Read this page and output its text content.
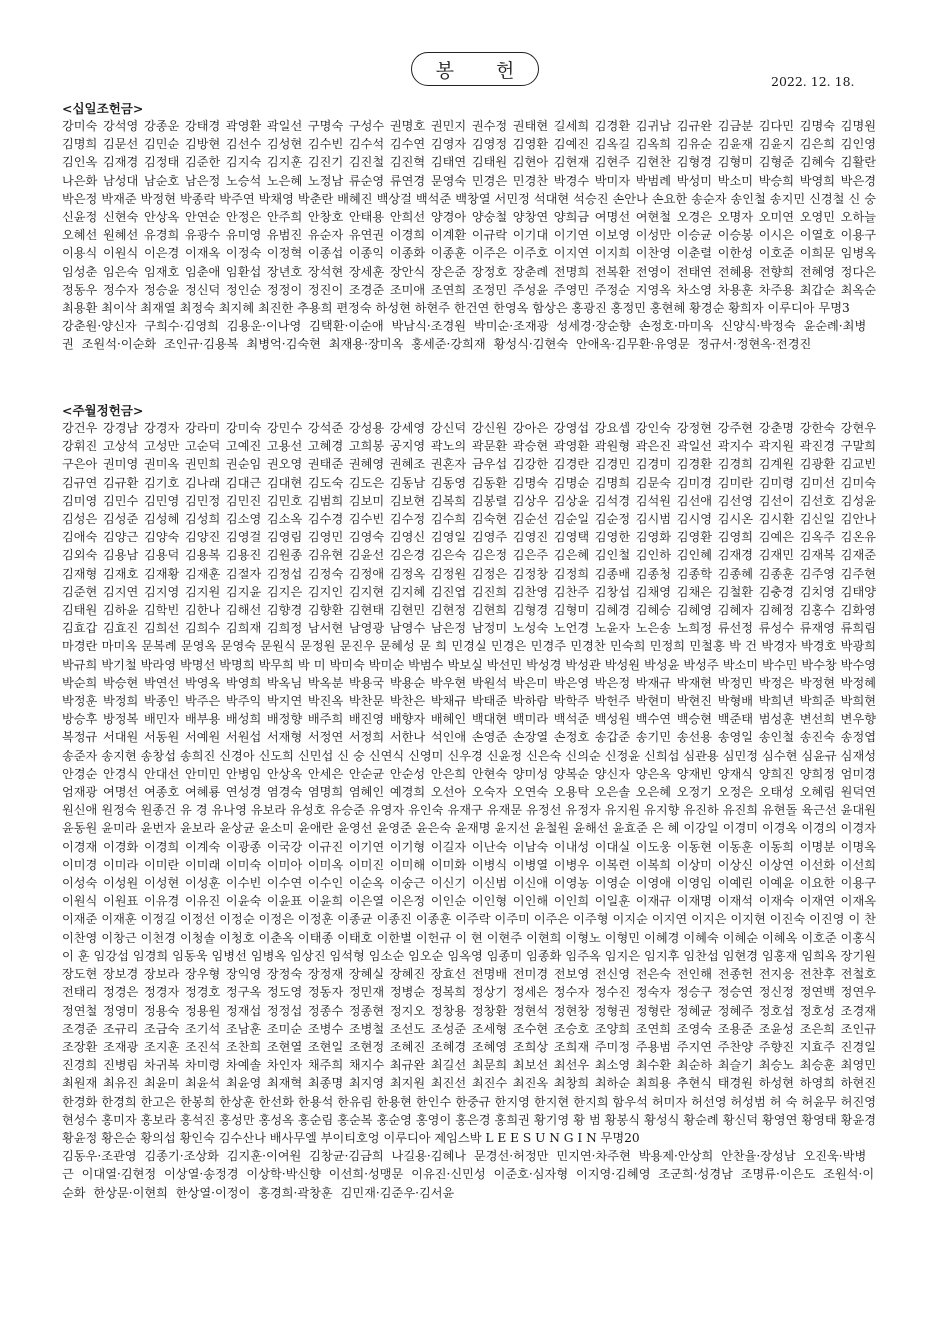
봉 헌	2022. 12. 18.
<십일조헌금>
강미숙 강석영 강종운 강태경 곽영환 곽일선 구명숙 구성수 권명호 권민지 권수정 권태현 길세희 김경환 김귀남 김규완 김금분 김다민 김명숙 김명원 김명희 김문선 김민순 김방현 김선수 김성현 김수빈 김수석 김수연 김영자 김영정 김영환 김예진 김옥길 김옥희 김유순 김윤재 김윤지 김은희 김인영 김인옥 김재경 김정태 김준한 김지숙 김지훈 김진기 김진철 김진혁 김태연 김태원 김현아 김현재 김현주 김현찬 김형경 김형미 김형준 김혜숙 김활란 나은화 남성대 남순호 남은정 노승석 노은혜 노정남 류순영 류연경 문영숙 민경은 민경찬 박경수 박미자 박범례 박성미 박소미 박승희 박영희 박은경 박은정 박재준 박정현 박종락 박주연 박채영 박춘란 배혜진 백상걸 백석준 백창열 서민정 석대현 석승진 손안나 손요한 송순자 송인철 송지민 신경철 신 숭 신윤정 신현숙 안상옥 안연순 안정은 안주희 안창호 안태용 안희선 양경아 양숭철 양창연 양희금 여명선 여현철 오경은 오명자 오미연 오영민 오하늘 오혜선 원혜선 유경희 유광수 유미영 유범진 유순자 유연권 이경희 이계환 이규락 이기대 이기연 이보영 이성만 이승균 이승봉 이시은 이열호 이용구 이용식 이원식 이은경 이재옥 이정숙 이정혁 이종섭 이종익 이종화 이종훈 이주은 이주호 이지연 이지희 이찬영 이춘렬 이한성 이호준 이희문 임병옥 임성춘 임은숙 임재호 임춘애 임환섭 장년호 장석현 장세훈 장안식 장은준 장정호 장춘례 전명희 전복환 전영이 전태연 전혜용 전향희 전혜영 정다은 정동우 정수자 정승윤 정신덕 정인순 정정이 정진이 조경준 조미애 조연희 조정민 주성윤 주영민 주정순 지영옥 차소영 차용훈 차주용 최갑순 최옥순 최용환 최이삭 최재열 최정숙 최지혜 최진한 추용희 편정숙 하성현 하현주 한건연 한영옥 함상은 홍광진 홍정민 홍현혜 황경순 황희자 이루디아 무명3
강춘원·양신자 구희수·김영희 김용운·이나영 김택환·이순애 박남식·조경원 박미순·조재광 성세경·장순향 손정호·마미옥 신양식·박정숙 윤순례·최병권 조원석·이순화 조인규·김용복 최병억·김숙현 최재용·장미옥 홍세준·강희재 황성식·김현숙 안애옥·김무환·유영문 정규서·정현옥·전경진
<주월정헌금>
강건우 강경남 강경자 강라미 강미숙 강민수 강석준 강성용 강세영 강신덕 강신원 강아은 강영섭 강요셉 강인숙 강정현 강주현 강춘명 강한숙 강현우 강휘진 고상석 고성만 고순덕 고예진 고용선 고혜경 고희봉 공지영 곽노의 곽문환 곽승현 곽영환 곽원형 곽은진 곽일선 곽지수 곽지원 곽진경 구말희 구은아 권미영 권미옥 권민희 권순임 권오영 권태준 권혜영 권혜조 권혼자 금우섭 김강한 김경란 김경민 김경미 김경환 김경희 김계원 김광환 김교빈 김규연 김규환 김기호 김나래 김대근 김대현 김도숙 김도은 김동남 김동영 김동환 김명숙 김명순 김명희 김문숙 김미경 김미란 김미령 김미선 김미숙 김미영 김민수 김민영 김민정 김민진 김민호 김범희 김보미 김보현 김복희 김봉렬 김상우 김상윤 김석경 김석원 김선애 김선영 김선이 김선호 김성윤 김성은 김성준 김성혜 김성희 김소영 김소옥 김수경 김수빈 김수정 김수희 김숙현 김순선 김순일 김순정 김시범 김시영 김시온 김시환 김신일 김안나 김애숙 김양근 김양숙 김양진 김영걸 김영림 김영민 김영숙 김영신 김영일 김영주 김영진 김영택 김영한 김영화 김영환 김영희 김예은 김옥주 김온유 김외숙 김용남 김용덕 김용복 김용진 김원종 김유현 김윤선 김은경 김은숙 김은정 김은주 김은혜 김인철 김인하 김인혜 김재경 김재민 김재복 김재준 김재형 김재호 김재황 김재훈 김절자 김정섭 김정숙 김정애 김정옥 김정원 김정은 김정창 김정희 김종배 김종청 김종학 김종혜 김종훈 김주영 김주현 김준현 김지연 김지영 김지원 김지윤 김지은 김지인 김지현 김지혜 김진엽 김진희 김찬영 김찬주 김창섭 김채영 김채은 김철환 김충경 김치영 김태양 김태원 김하윤 김학빈 김한나 김해선 김향경 김향환 김현태 김현민 김현정 김현희 김형경 김형미 김혜경 김혜승 김혜영 김혜자 김혜정 김홍수 김화영 김효갑 김효진 김희선 김희수 김희재 김희정 남서현 남영광 남영수 남은정 남정미 노성숙 노언경 노윤자 노은송 노희정 류선정 류성수 류재영 류희림 마경란 마미옥 문복례 문영옥 문영숙 문원식 문정원 문진우 문혜성 문 희 민경실 민경은 민경주 민경찬 민숙희 민정희 민철홍 박 건 박경자 박경호 박광희 박규희 박기철 박라영 박명선 박명희 박무희 박 미 박미숙 박미순 박범수 박보실 박선민 박성경 박성관 박성원 박성윤 박성주 박소미 박수민 박수창 박수영 박순희 박승현 박연선 박영옥 박영희 박옥님 박옥분 박용국 박용순 박우현 박원석 박은미 박은영 박은정 박재규 박재현 박정민 박정은 박정현 박정혜 박정훈 박정희 박종인 박주은 박주익 박지연 박진옥 박찬문 박찬은 박채규 박태준 박하람 박학주 박헌주 박현미 박현진 박형배 박희년 박희준 박희현 방승후 방정복 배민자 배부용 배성희 배정향 배주희 배진영 배향자 배혜인 백대현 백미라 백석준 백성원 백수연 백승현 백준태 범성훈 변선희 변우향 복정규 서대원 서동원 서예원 서원섭 서재형 서정연 서정희 서한나 석인애 손영준 손장열 손정호 송갑준 송기민 송선용 송영일 송인철 송진숙 송정엽 송준자 송지현 송창섭 송희진 신경아 신도희 신민섭 신 숭 신연식 신영미 신우경 신윤정 신은숙 신의순 신정윤 신희섭 심관용 심민정 심수현 심윤규 심재성 안경순 안경식 안대선 안미민 안병임 안상옥 안세은 안순균 안순성 안은희 안현숙 양미성 양복순 양신자 양은옥 양재빈 양재식 양희진 양희정 엄미경 엄재광 여명선 여종호 여혜룡 연성경 염경숙 염명희 염혜인 예경희 오선아 오숙자 오연숙 오용탁 오은솔 오은혜 오정기 오정은 오태성 오혜림 원덕연 원신애 원정숙 원종건 유 경 유나영 유보라 유성호 유승준 유영자 유인숙 유재구 유재문 유정선 유정자 유지원 유지향 유진하 유진희 유현돌 육근선 윤대원 윤동원 윤미라 윤번자 윤보라 윤상균 윤소미 윤애란 윤영선 윤영준 윤은숙 윤재명 윤지선 윤철원 윤해선 윤효준 은 혜 이강일 이경미 이경옥 이경의 이경자 이경재 이경화 이경희 이계숙 이광종 이국강 이규진 이기연 이기형 이길자 이난숙 이남숙 이내성 이대실 이도웅 이동현 이동훈 이동희 이명분 이명옥 이미경 이미라 이미란 이미래 이미숙 이미아 이미옥 이미진 이미해 이미화 이병식 이병열 이병우 이복련 이복희 이상미 이상신 이상연 이선화 이선희 이성숙 이성원 이성현 이성훈 이수빈 이수연 이수인 이순옥 이숭근 이신기 이신범 이신애 이영농 이영순 이영애 이영임 이예린 이예윤 이요한 이용구 이원식 이원표 이유경 이유진 이윤숙 이윤표 이윤희 이은열 이은정 이인순 이인형 이인해 이인희 이일훈 이재규 이재명 이재석 이재숙 이재연 이재옥 이재준 이재훈 이정길 이정선 이정순 이정은 이정훈 이종균 이종진 이종훈 이주락 이주미 이주은 이주형 이지순 이지연 이지은 이지현 이진숙 이진영 이 찬 이찬영 이창근 이천경 이청솔 이청호 이춘옥 이태종 이태호 이한별 이헌규 이 현 이현주 이현희 이형노 이형민 이혜경 이혜숙 이혜순 이혜옥 이호준 이홍식 이 훈 임강섭 임경희 임동욱 임병선 임병옥 임상진 임석형 임소순 임오순 임옥영 임종미 임종화 임주옥 임지은 임지후 임찬섭 임현경 임홍재 임희옥 장기원 장도현 장보경 장보라 장우형 장익영 장정숙 장정재 장혜실 장혜진 장효선 전명배 전미경 전보영 전신영 전은숙 전인해 전종헌 전지응 전찬후 전철호 전태리 정경은 정경자 정경호 정구옥 정도영 정동자 정민재 정병순 정복희 정상기 정세은 정수자 정수진 정숙자 정승구 정승연 정신정 정연백 정연우 정연철 정영미 정용숙 정용원 정재섭 정정섭 정종수 정종현 정지오 정창용 정창환 정현석 정현창 정형권 정형란 정혜균 정혜주 정호섭 정호성 조경재 조경준 조규리 조금숙 조기석 조남훈 조미순 조병수 조병철 조선도 조성준 조세형 조수현 조승호 조양희 조연희 조영숙 조용준 조윤성 조은희 조인규 조장환 조재광 조지훈 조진석 조찬희 조현열 조현일 조현정 조혜진 조혜경 조혜영 조희상 조희재 주미정 주용범 주지연 주찬양 주향진 지효주 진경일 진경희 진병림 차귀복 차미령 차예솔 차인자 채주희 채지수 최규완 최길선 최문희 최보선 최선우 최소영 최수환 최순하 최슬기 최승노 최승훈 최영민 최원재 최유진 최윤미 최윤석 최윤영 최재혁 최종명 최지영 최지원 최진선 최진수 최진옥 최창희 최하순 최희용 추현식 태경원 하성현 하영희 하현진 한경화 한경희 한고은 한봉희 한상훈 한선화 한용석 한유림 한용현 한인수 한중규 한지영 한지현 한지희 함우석 허미자 허선영 허성범 허 숙 허윤무 허진영 현성수 홍미자 홍보라 홍석진 홍성만 홍성옥 홍순림 홍순복 홍순영 홍영이 홍은경 홍희권 황기영 황 범 황봉식 황성식 황순례 황신덕 황영연 황영태 황윤경 황윤정 황은순 황의섭 황인숙 김수산나 배사무엘 부이티호엉 이루디아 제임스박 L E E S U N G I N 무명20
김동우·조관영 김종기·조상화 김지훈·이여원 김창균·김금희 나길용·김혜나 문경선·허정만 민지연·차주현 박용제·안상희 안찬율·장성남 오진욱·박병근 이대열·김현정 이상열·송정경 이상학·박신향 이선희·성맹문 이유진·신민성 이준호·심자형 이지영·김혜영 조군희·성경남 조명류·이은도 조원석·이순화 한상문·이현희 한상열·이정이 홍경희·곽창훈 김민재·김준우·김서윤
